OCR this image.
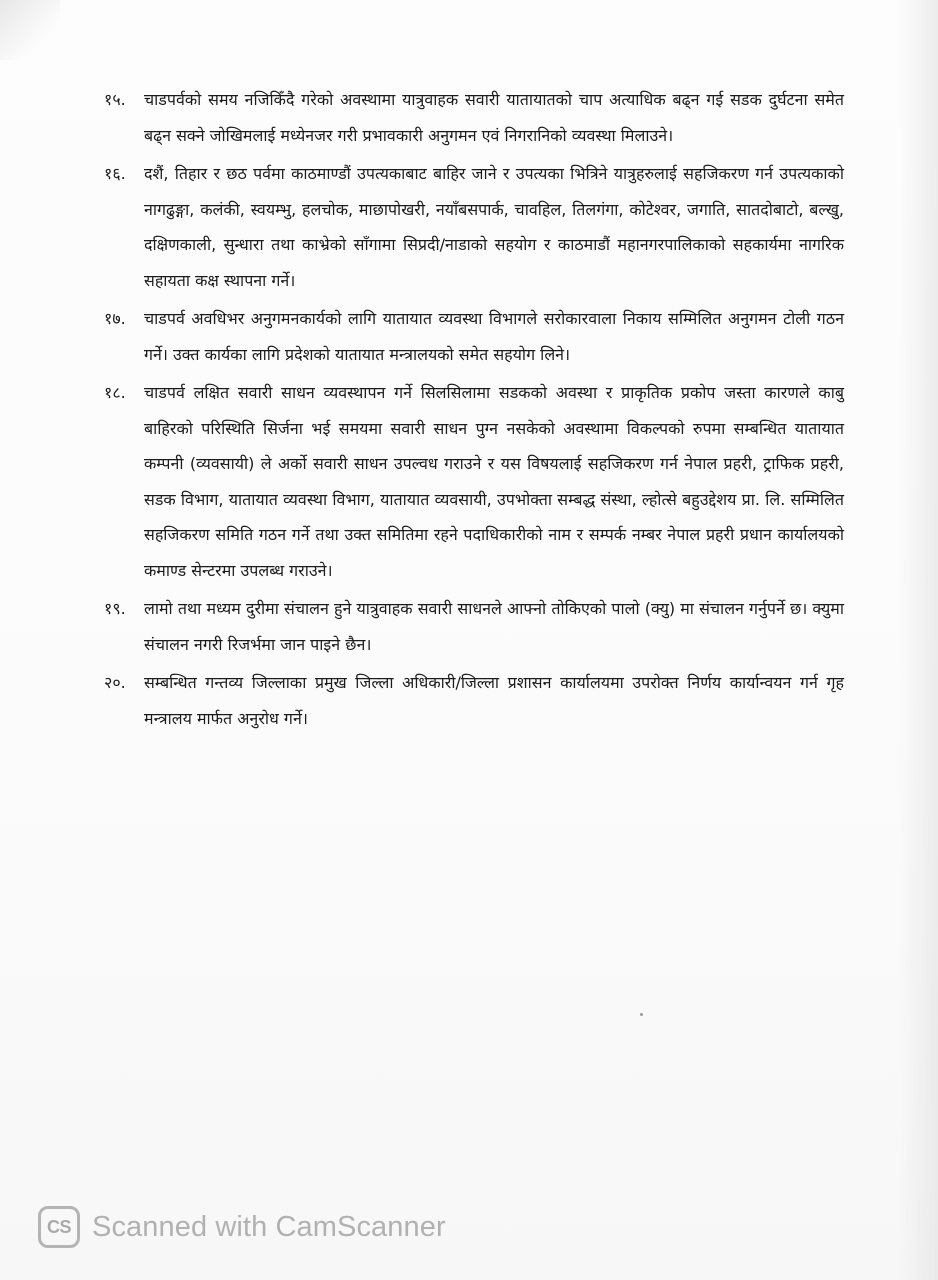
१५. चाडपर्वको समय नजिकिँदै गरेको अवस्थामा यात्रुवाहक सवारी यातायातको चाप अत्याधिक बढ्न गई सडक दुर्घटना समेत बढ्न सक्ने जोखिमलाई मध्येनजर गरी प्रभावकारी अनुगमन एवं निगरानिको व्यवस्था मिलाउने।
१६. दशैं, तिहार र छठ पर्वमा काठमाण्डौं उपत्यकाबाट बाहिर जाने र उपत्यका भित्रिने यात्रुहरुलाई सहजिकरण गर्न उपत्यकाको नागढुङ्गा, कलंकी, स्वयम्भु, हलचोक, माछापोखरी, नयाँबसपार्क, चावहिल, तिलगंगा, कोटेश्वर, जगाति, सातदोबाटो, बल्खु, दक्षिणकाली, सुन्धारा तथा काभ्रेको साँगामा सिप्रदी/नाडाको सहयोग र काठमाडौं महानगरपालिकाको सहकार्यमा नागरिक सहायता कक्ष स्थापना गर्ने।
१७. चाडपर्व अवधिभर अनुगमनकार्यको लागि यातायात व्यवस्था विभागले सरोकारवाला निकाय सम्मिलित अनुगमन टोली गठन गर्ने। उक्त कार्यका लागि प्रदेशको यातायात मन्त्रालयको समेत सहयोग लिने।
१८. चाडपर्व लक्षित सवारी साधन व्यवस्थापन गर्ने सिलसिलामा सडकको अवस्था र प्राकृतिक प्रकोप जस्ता कारणले काबु बाहिरको परिस्थिति सिर्जना भई समयमा सवारी साधन पुग्न नसकेको अवस्थामा विकल्पको रुपमा सम्बन्धित यातायात कम्पनी (व्यवसायी) ले अर्को सवारी साधन उपल्वध गराउने र यस विषयलाई सहजिकरण गर्न नेपाल प्रहरी, ट्राफिक प्रहरी, सडक विभाग, यातायात व्यवस्था विभाग, यातायात व्यवसायी, उपभोक्ता सम्बद्ध संस्था, ल्होत्से बहुउद्देशय प्रा. लि. सम्मिलित सहजिकरण समिति गठन गर्ने तथा उक्त समितिमा रहने पदाधिकारीको नाम र सम्पर्क नम्बर नेपाल प्रहरी प्रधान कार्यालयको कमाण्ड सेन्टरमा उपलब्ध गराउने।
१९. लामो तथा मध्यम दुरीमा संचालन हुने यात्रुवाहक सवारी साधनले आफ्नो तोकिएको पालो (क्यु) मा संचालन गर्नुपर्ने छ। क्युमा संचालन नगरी रिजर्भमा जान पाइने छैन।
२०. सम्बन्धित गन्तव्य जिल्लाका प्रमुख जिल्ला अधिकारी/जिल्ला प्रशासन कार्यालयमा उपरोक्त निर्णय कार्यान्वयन गर्न गृह मन्त्रालय मार्फत अनुरोध गर्ने।
CS Scanned with CamScanner
